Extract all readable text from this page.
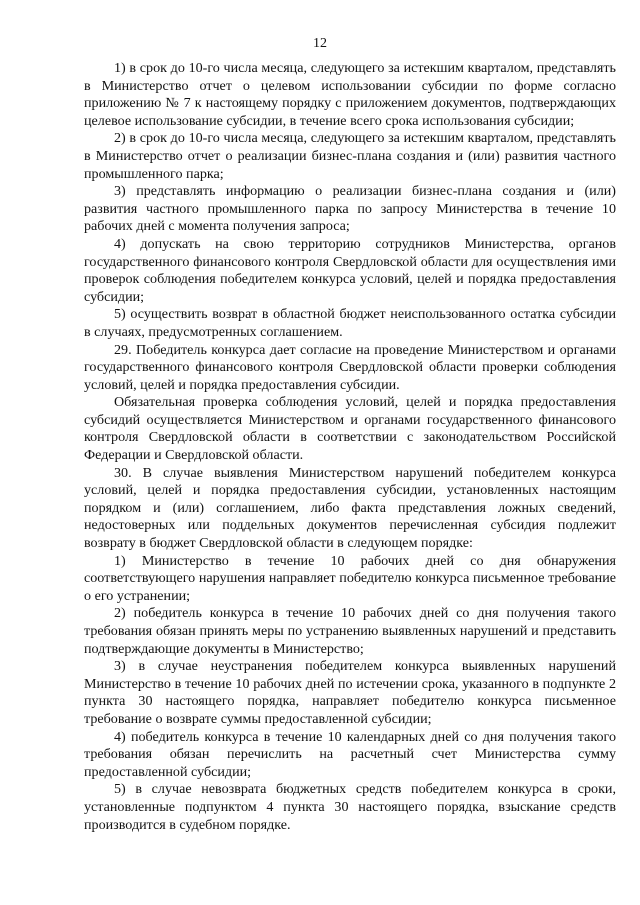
12

1) в срок до 10-го числа месяца, следующего за истекшим кварталом, представлять в Министерство отчет о целевом использовании субсидии по форме согласно приложению № 7 к настоящему порядку с приложением документов, подтверждающих целевое использование субсидии, в течение всего срока использования субсидии;

2) в срок до 10-го числа месяца, следующего за истекшим кварталом, представлять в Министерство отчет о реализации бизнес-плана создания и (или) развития частного промышленного парка;

3) представлять информацию о реализации бизнес-плана создания и (или) развития частного промышленного парка по запросу Министерства в течение 10 рабочих дней с момента получения запроса;

4) допускать на свою территорию сотрудников Министерства, органов государственного финансового контроля Свердловской области для осуществления ими проверок соблюдения победителем конкурса условий, целей и порядка предоставления субсидии;

5) осуществить возврат в областной бюджет неиспользованного остатка субсидии в случаях, предусмотренных соглашением.

29. Победитель конкурса дает согласие на проведение Министерством и органами государственного финансового контроля Свердловской области проверки соблюдения условий, целей и порядка предоставления субсидии.

Обязательная проверка соблюдения условий, целей и порядка предоставления субсидий осуществляется Министерством и органами государственного финансового контроля Свердловской области в соответствии с законодательством Российской Федерации и Свердловской области.

30. В случае выявления Министерством нарушений победителем конкурса условий, целей и порядка предоставления субсидии, установленных настоящим порядком и (или) соглашением, либо факта представления ложных сведений, недостоверных или поддельных документов перечисленная субсидия подлежит возврату в бюджет Свердловской области в следующем порядке:

1) Министерство в течение 10 рабочих дней со дня обнаружения соответствующего нарушения направляет победителю конкурса письменное требование о его устранении;

2) победитель конкурса в течение 10 рабочих дней со дня получения такого требования обязан принять меры по устранению выявленных нарушений и представить подтверждающие документы в Министерство;

3) в случае неустранения победителем конкурса выявленных нарушений Министерство в течение 10 рабочих дней по истечении срока, указанного в подпункте 2 пункта 30 настоящего порядка, направляет победителю конкурса письменное требование о возврате суммы предоставленной субсидии;

4) победитель конкурса в течение 10 календарных дней со дня получения такого требования обязан перечислить на расчетный счет Министерства сумму предоставленной субсидии;

5) в случае невозврата бюджетных средств победителем конкурса в сроки, установленные подпунктом 4 пункта 30 настоящего порядка, взыскание средств производится в судебном порядке.
